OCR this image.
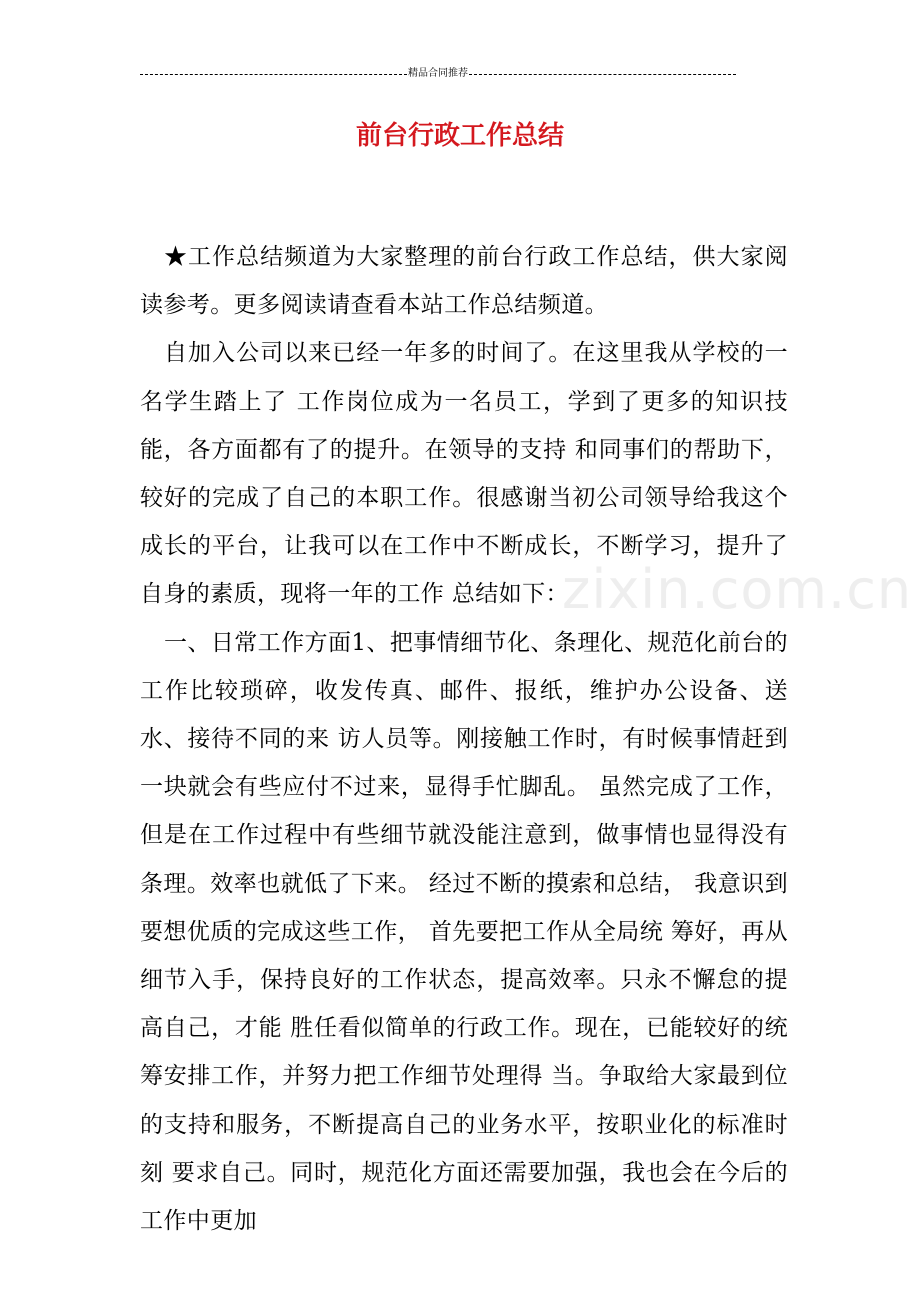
精品合同推荐
前台行政工作总结
zixin.com.cn

★工作总结频道为大家整理的前台行政工作总结，供大家阅读参考。更多阅读请查看本站工作总结频道。

自加入公司以来已经一年多的时间了。在这里我从学校的一名学生踏上了 工作岗位成为一名员工，学到了更多的知识技能，各方面都有了的提升。在领导的支持 和同事们的帮助下，较好的完成了自己的本职工作。很感谢当初公司领导给我这个成长的平台，让我可以在工作中不断成长，不断学习，提升了自身的素质，现将一年的工作 总结如下：

一、日常工作方面1、把事情细节化、条理化、规范化前台的工作比较琐碎，收发传真、邮件、报纸，维护办公设备、送水、接待不同的来 访人员等。刚接触工作时，有时候事情赶到一块就会有些应付不过来，显得手忙脚乱。 虽然完成了工作，但是在工作过程中有些细节就没能注意到，做事情也显得没有条理。效率也就低了下来。 经过不断的摸索和总结， 我意识到要想优质的完成这些工作， 首先要把工作从全局统 筹好，再从细节入手，保持良好的工作状态，提高效率。只永不懈怠的提高自己，才能 胜任看似简单的行政工作。现在，已能较好的统筹安排工作，并努力把工作细节处理得 当。争取给大家最到位的支持和服务，不断提高自己的业务水平，按职业化的标准时刻 要求自己。同时，规范化方面还需要加强，我也会在今后的工作中更加
